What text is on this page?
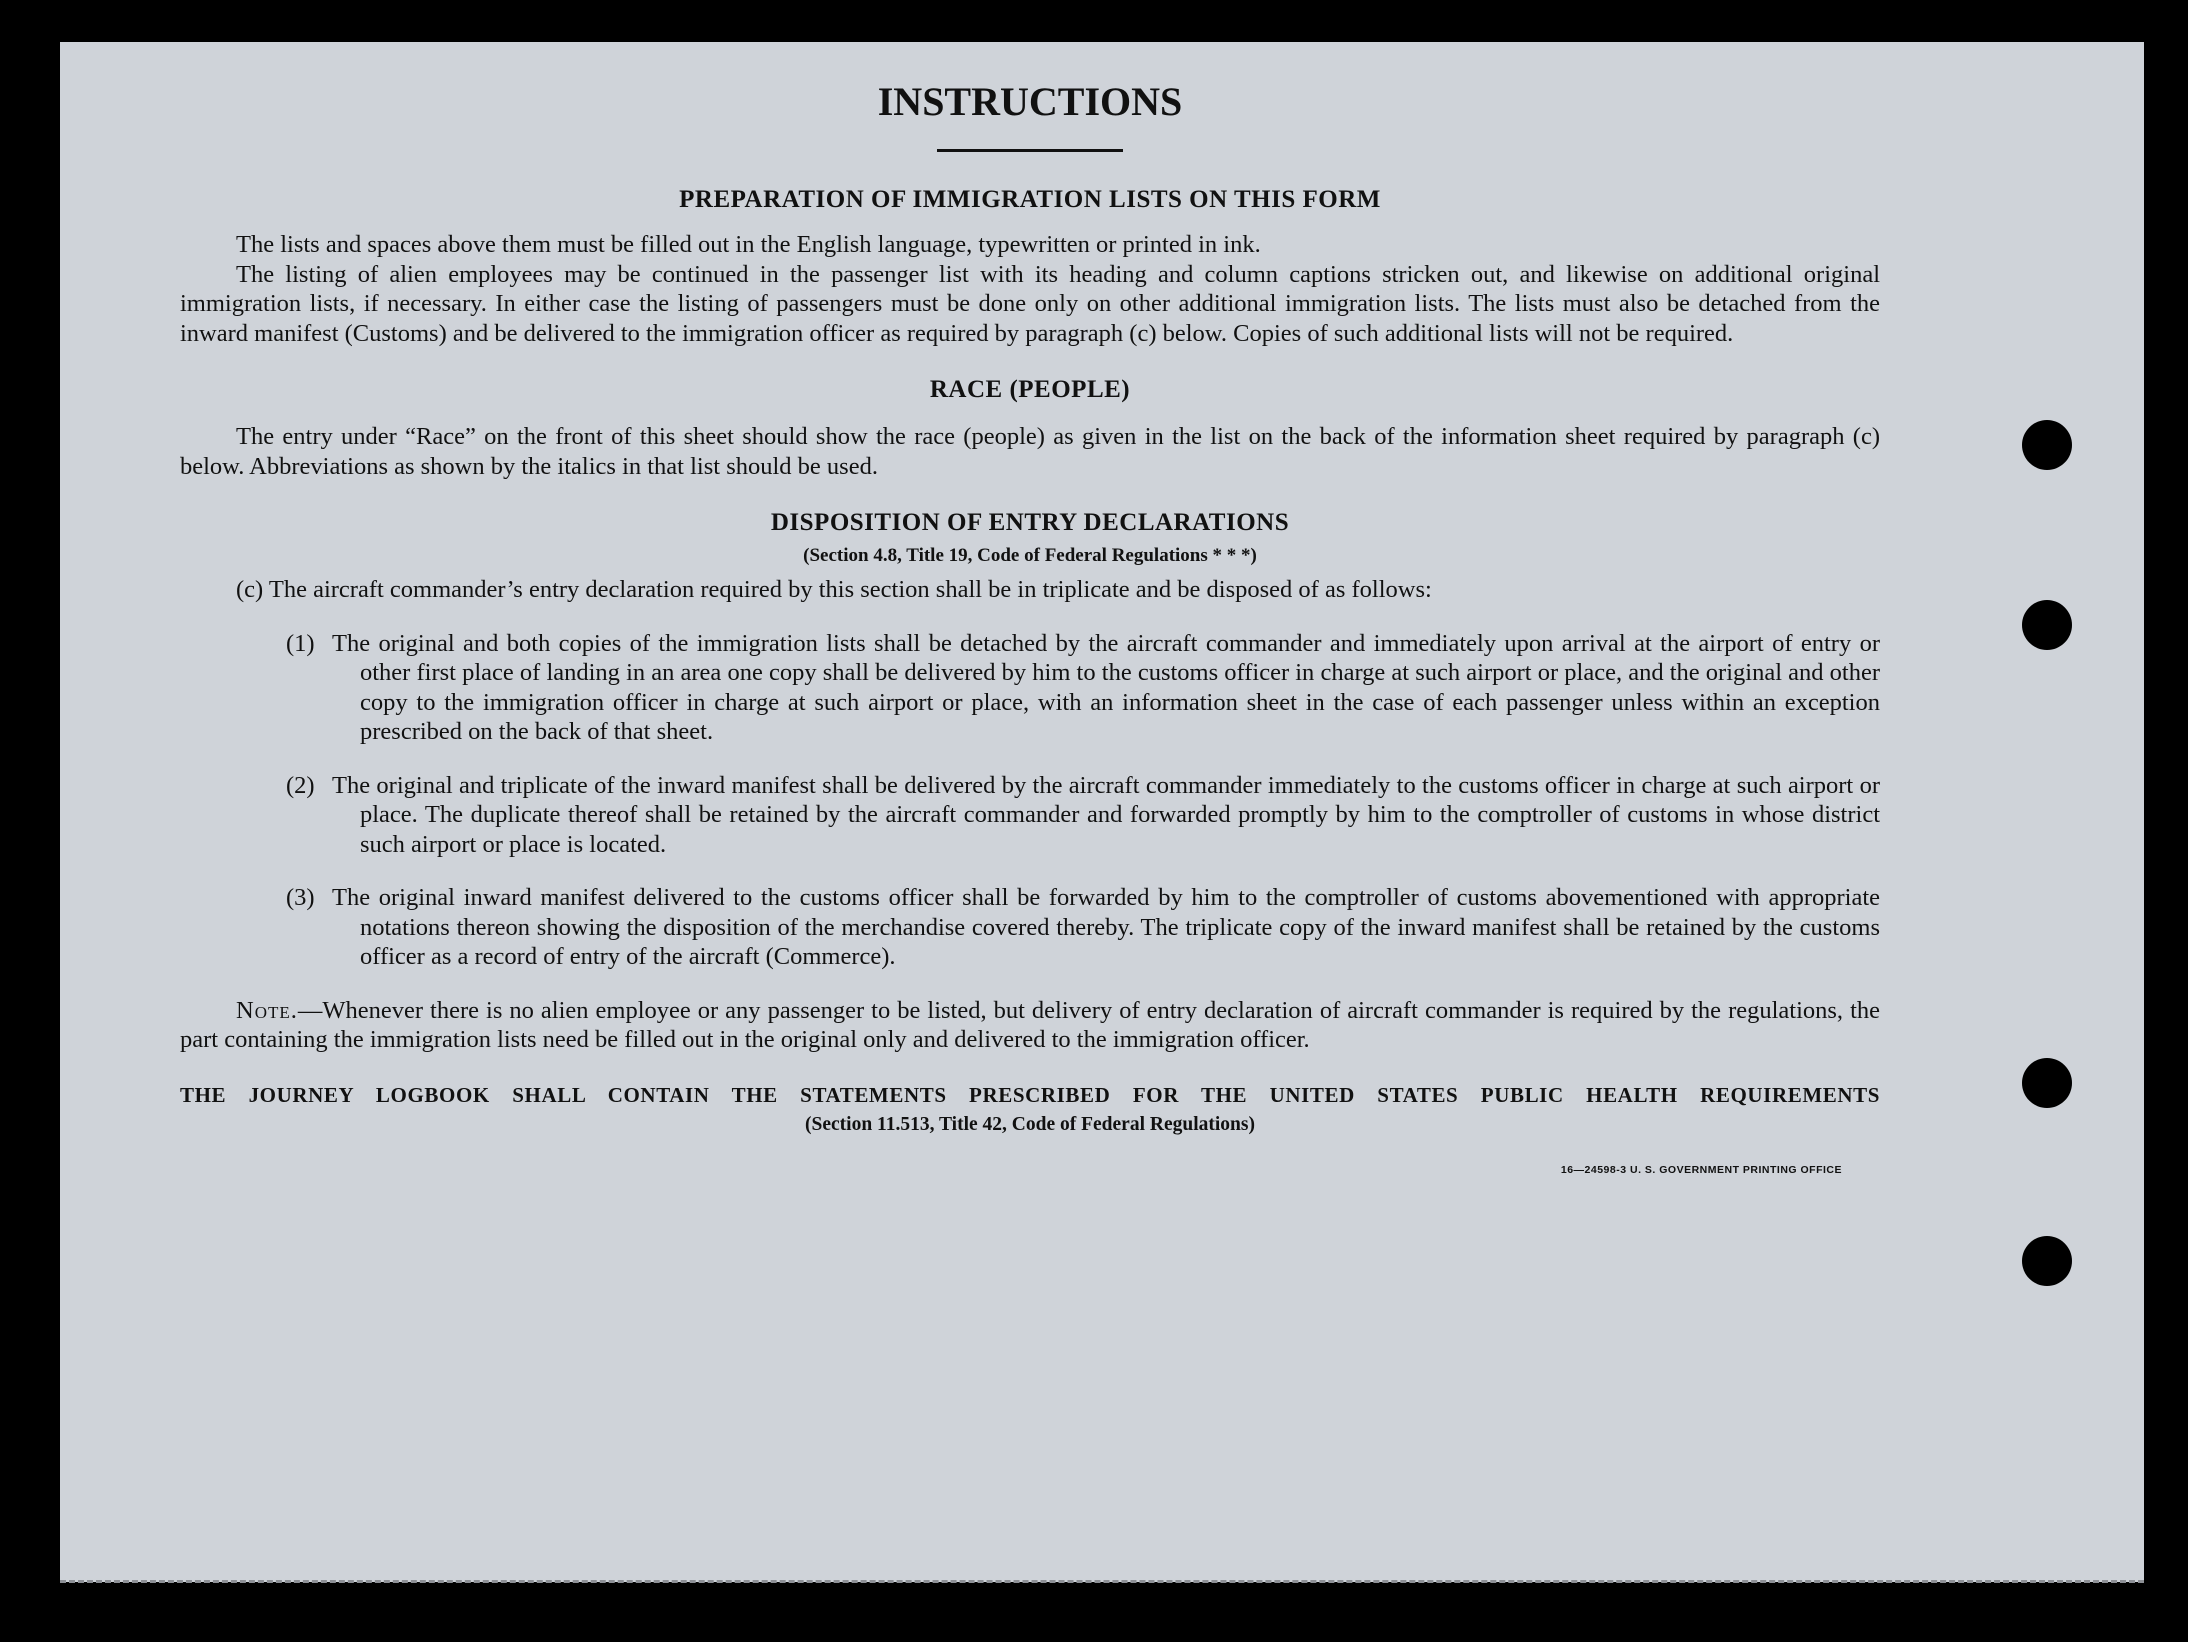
INSTRUCTIONS
PREPARATION OF IMMIGRATION LISTS ON THIS FORM

The lists and spaces above them must be filled out in the English language, typewritten or printed in ink.

The listing of alien employees may be continued in the passenger list with its heading and column captions stricken out, and likewise on additional original immigration lists, if necessary. In either case the listing of passengers must be done only on other additional immigration lists. The lists must also be detached from the inward manifest (Customs) and be delivered to the immigration officer as required by paragraph (c) below. Copies of such additional lists will not be required.

RACE (PEOPLE)

The entry under “Race” on the front of this sheet should show the race (people) as given in the list on the back of the information sheet required by paragraph (c) below. Abbreviations as shown by the italics in that list should be used.

DISPOSITION OF ENTRY DECLARATIONS
(Section 4.8, Title 19, Code of Federal Regulations * * *)

(c) The aircraft commander’s entry declaration required by this section shall be in triplicate and be disposed of as follows:

(1) The original and both copies of the immigration lists shall be detached by the aircraft commander and immediately upon arrival at the airport of entry or other first place of landing in an area one copy shall be delivered by him to the customs officer in charge at such airport or place, and the original and other copy to the immigration officer in charge at such airport or place, with an information sheet in the case of each passenger unless within an exception prescribed on the back of that sheet.
(2) The original and triplicate of the inward manifest shall be delivered by the aircraft commander immediately to the customs officer in charge at such airport or place. The duplicate thereof shall be retained by the aircraft commander and forwarded promptly by him to the comptroller of customs in whose district such airport or place is located.
(3) The original inward manifest delivered to the customs officer shall be forwarded by him to the comptroller of customs abovementioned with appropriate notations thereon showing the disposition of the merchandise covered thereby. The triplicate copy of the inward manifest shall be retained by the customs officer as a record of entry of the aircraft (Commerce).

Note.—Whenever there is no alien employee or any passenger to be listed, but delivery of entry declaration of aircraft commander is required by the regulations, the part containing the immigration lists need be filled out in the original only and delivered to the immigration officer.

THE JOURNEY LOGBOOK SHALL CONTAIN THE STATEMENTS PRESCRIBED FOR THE UNITED STATES PUBLIC HEALTH REQUIREMENTS
(Section 11.513, Title 42, Code of Federal Regulations)
16—24598-3 U. S. GOVERNMENT PRINTING OFFICE
